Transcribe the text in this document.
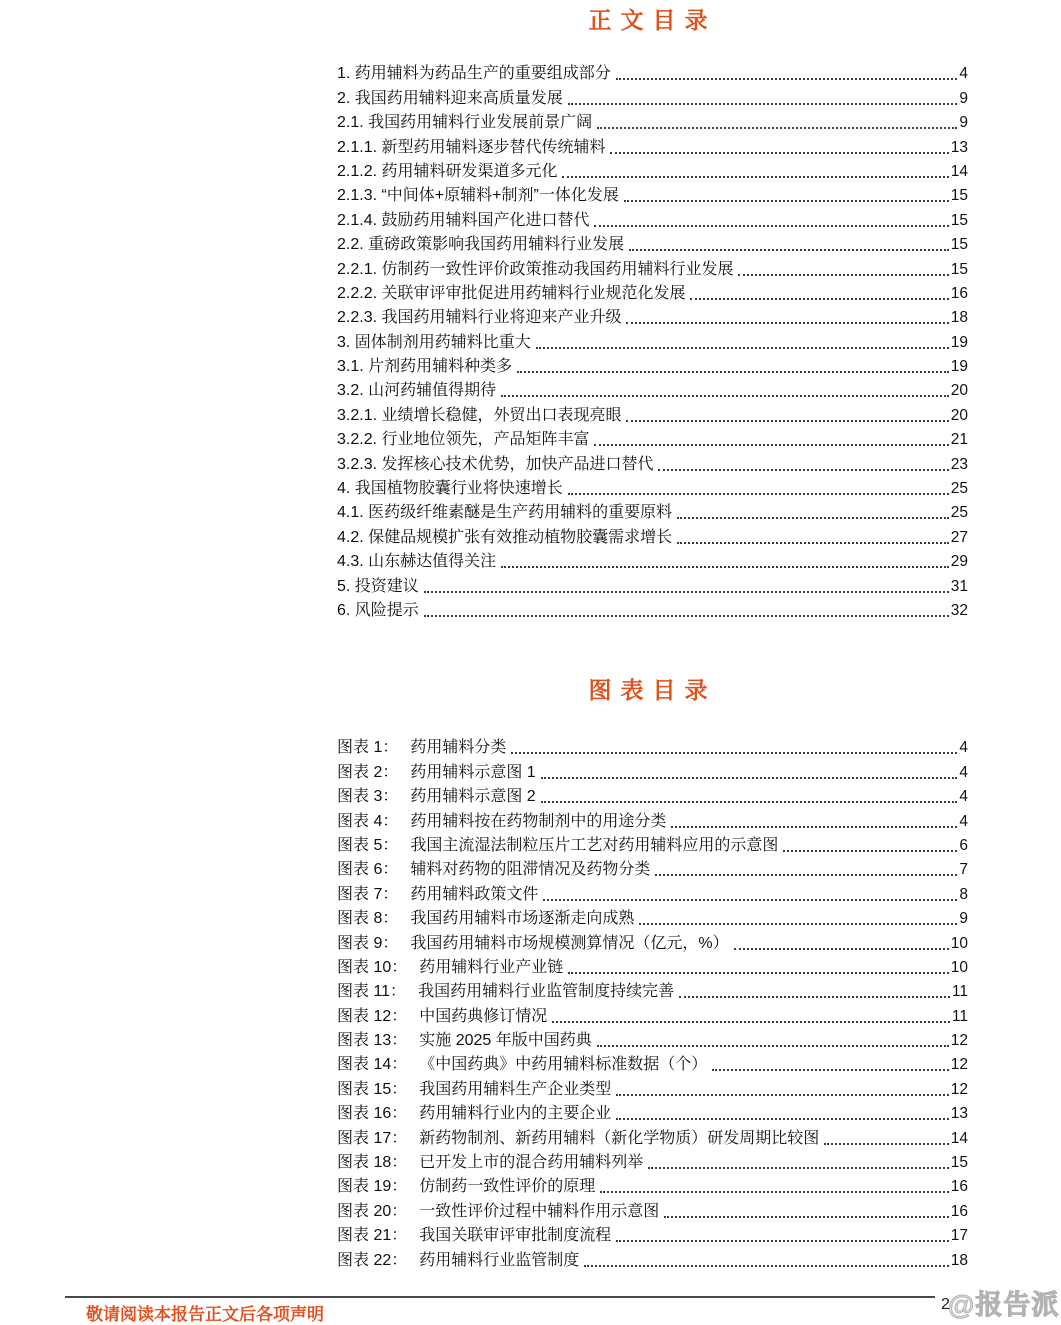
正文目录
1. 药用辅料为药品生产的重要组成部分	4
2. 我国药用辅料迎来高质量发展	9
2.1. 我国药用辅料行业发展前景广阔	9
2.1.1. 新型药用辅料逐步替代传统辅料	13
2.1.2. 药用辅料研发渠道多元化	14
2.1.3. “中间体+原辅料+制剂”一体化发展	15
2.1.4. 鼓励药用辅料国产化进口替代	15
2.2. 重磅政策影响我国药用辅料行业发展	15
2.2.1. 仿制药一致性评价政策推动我国药用辅料行业发展	15
2.2.2. 关联审评审批促进用药辅料行业规范化发展	16
2.2.3. 我国药用辅料行业将迎来产业升级	18
3. 固体制剂用药辅料比重大	19
3.1. 片剂药用辅料种类多	19
3.2. 山河药辅值得期待	20
3.2.1. 业绩增长稳健，外贸出口表现亮眼	20
3.2.2. 行业地位领先，产品矩阵丰富	21
3.2.3. 发挥核心技术优势，加快产品进口替代	23
4. 我国植物胶囊行业将快速增长	25
4.1. 医药级纤维素醚是生产药用辅料的重要原料	25
4.2. 保健品规模扩张有效推动植物胶囊需求增长	27
4.3. 山东赫达值得关注	29
5. 投资建议	31
6. 风险提示	32
图表目录
图表 1： 药用辅料分类	4
图表 2： 药用辅料示意图 1	4
图表 3： 药用辅料示意图 2	4
图表 4： 药用辅料按在药物制剂中的用途分类	4
图表 5： 我国主流湿法制粒压片工艺对药用辅料应用的示意图	6
图表 6： 辅料对药物的阻滞情况及药物分类	7
图表 7： 药用辅料政策文件	8
图表 8： 我国药用辅料市场逐渐走向成熟	9
图表 9： 我国药用辅料市场规模测算情况（亿元，%）	10
图表 10： 药用辅料行业产业链	10
图表 11： 我国药用辅料行业监管制度持续完善	11
图表 12： 中国药典修订情况	11
图表 13： 实施 2025 年版中国药典	12
图表 14： 《中国药典》中药用辅料标准数据（个）	12
图表 15： 我国药用辅料生产企业类型	12
图表 16： 药用辅料行业内的主要企业	13
图表 17： 新药物制剂、新药用辅料（新化学物质）研发周期比较图	14
图表 18： 已开发上市的混合药用辅料列举	15
图表 19： 仿制药一致性评价的原理	16
图表 20： 一致性评价过程中辅料作用示意图	16
图表 21： 我国关联审评审批制度流程	17
图表 22： 药用辅料行业监管制度	18
敬请阅读本报告正文后各项声明
2
@报告派
